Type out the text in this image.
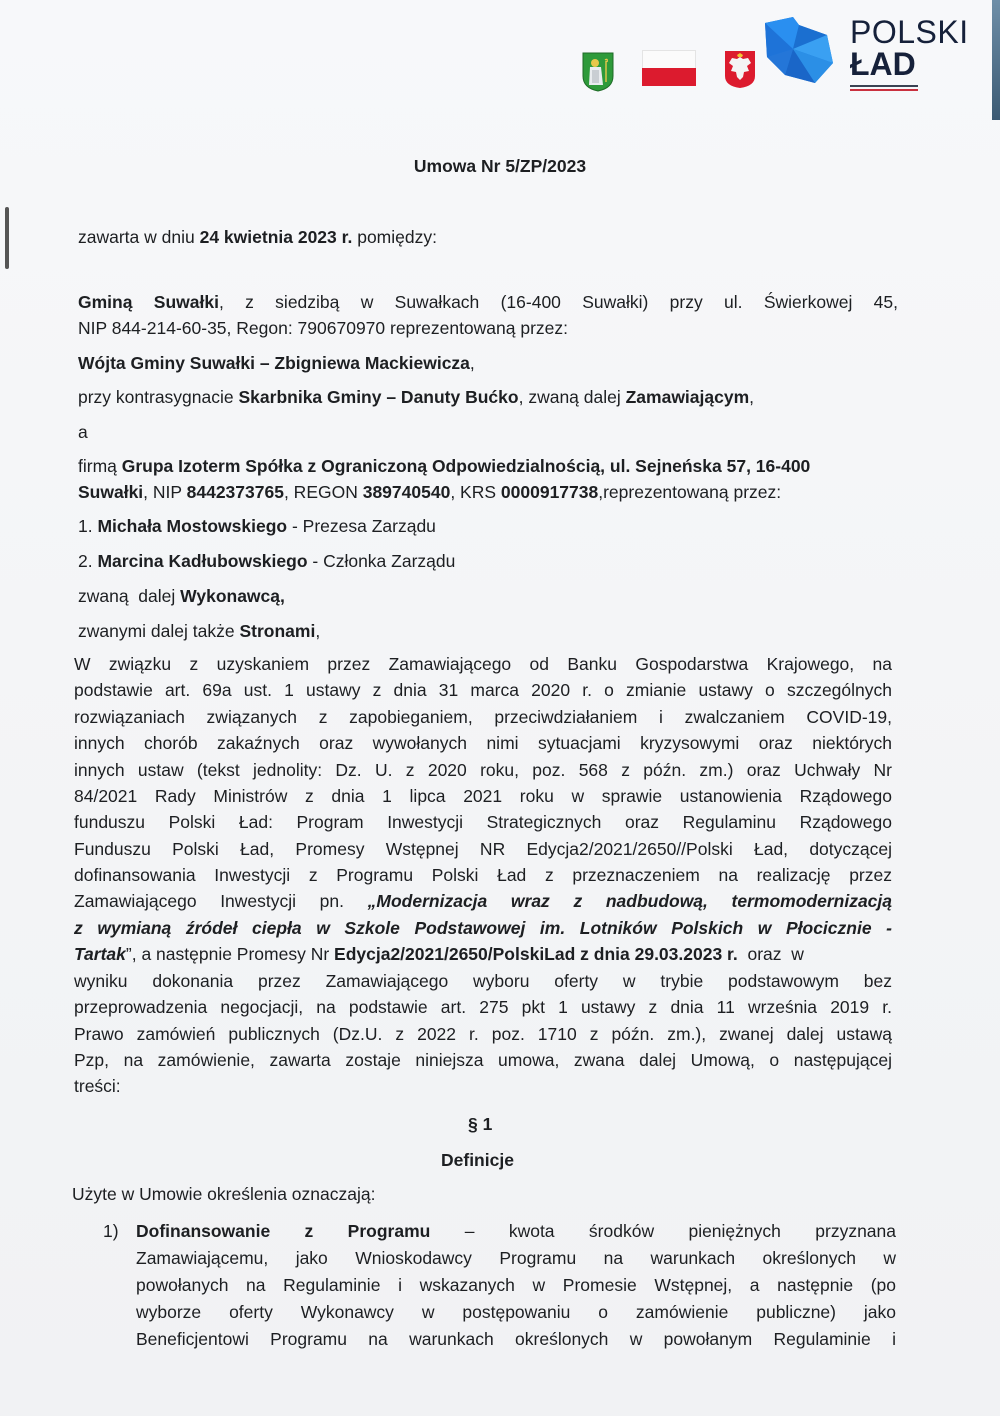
POLSKI
ŁAD
Umowa Nr 5/ZP/2023
zawarta w dniu 24 kwietnia 2023 r. pomiędzy:
Gminą Suwałki, z siedzibą w Suwałkach (16-400 Suwałki) przy ul. Świerkowej 45,
NIP 844-214-60-35, Regon: 790670970 reprezentowaną przez:
Wójta Gminy Suwałki – Zbigniewa Mackiewicza,
przy kontrasygnacie Skarbnika Gminy – Danuty Bućko, zwaną dalej Zamawiającym,
a
firmą Grupa Izoterm Spółka z Ograniczoną Odpowiedzialnością, ul. Sejneńska 57, 16-400
Suwałki, NIP 8442373765, REGON 389740540, KRS 0000917738,reprezentowaną przez:
1. Michała Mostowskiego - Prezesa Zarządu
2. Marcina Kadłubowskiego - Członka Zarządu
zwaną  dalej Wykonawcą,
zwanymi dalej także Stronami,
W związku z uzyskaniem przez Zamawiającego od Banku Gospodarstwa Krajowego, na
podstawie art. 69a ust. 1 ustawy z dnia 31 marca 2020 r. o zmianie ustawy o szczególnych
rozwiązaniach związanych z zapobieganiem, przeciwdziałaniem i zwalczaniem COVID-19,
innych chorób zakaźnych oraz wywołanych nimi sytuacjami kryzysowymi oraz niektórych
innych ustaw (tekst jednolity: Dz. U. z 2020 roku, poz. 568 z późn. zm.) oraz Uchwały Nr
84/2021 Rady Ministrów z dnia 1 lipca 2021 roku w sprawie ustanowienia Rządowego
funduszu Polski Ład: Program Inwestycji Strategicznych oraz Regulaminu Rządowego
Funduszu Polski Ład, Promesy Wstępnej NR Edycja2/2021/2650//Polski Ład, dotyczącej
dofinansowania Inwestycji z Programu Polski Ład z przeznaczeniem na realizację przez
Zamawiającego Inwestycji pn. „Modernizacja wraz z nadbudową, termomodernizacją
z wymianą źródeł ciepła w Szkole Podstawowej im. Lotników Polskich w Płocicznie -
Tartak”, a następnie Promesy Nr Edycja2/2021/2650/PolskiLad z dnia 29.03.2023 r.  oraz  w
wyniku dokonania przez Zamawiającego wyboru oferty w trybie podstawowym bez
przeprowadzenia negocjacji, na podstawie art. 275 pkt 1 ustawy z dnia 11 września 2019 r.
Prawo zamówień publicznych (Dz.U. z 2022 r. poz. 1710 z późn. zm.), zwanej dalej ustawą
Pzp, na zamówienie, zawarta zostaje niniejsza umowa, zwana dalej Umową, o następującej
treści:
§ 1
Definicje
Użyte w Umowie określenia oznaczają:
1) Dofinansowanie z Programu – kwota środków pieniężnych przyznana
Zamawiającemu, jako Wnioskodawcy Programu na warunkach określonych w
powołanych na Regulaminie i wskazanych w Promesie Wstępnej, a następnie (po
wyborze oferty Wykonawcy w postępowaniu o zamówienie publiczne) jako
Beneficjentowi Programu na warunkach określonych w powołanym Regulaminie i
